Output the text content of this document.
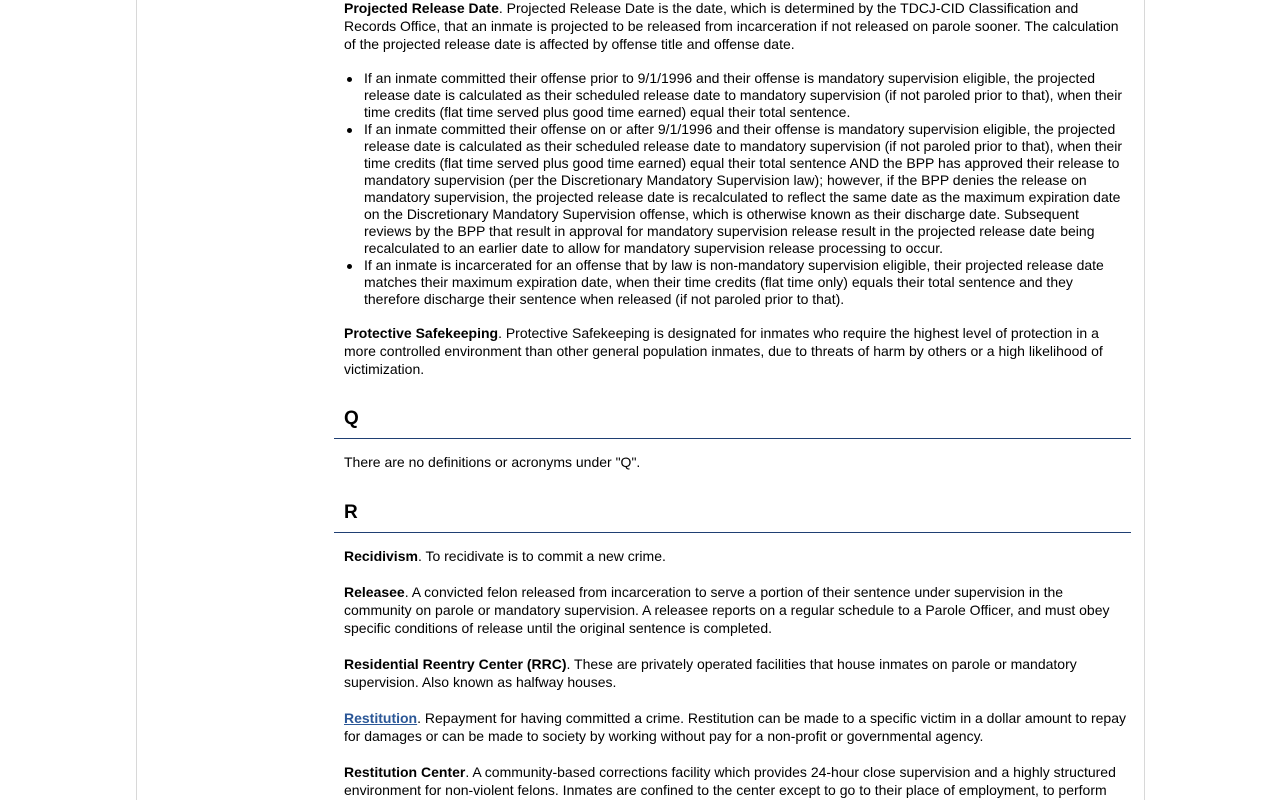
Projected Release Date. Projected Release Date is the date, which is determined by the TDCJ-CID Classification and Records Office, that an inmate is projected to be released from incarceration if not released on parole sooner. The calculation of the projected release date is affected by offense title and offense date.

If an inmate committed their offense prior to 9/1/1996 and their offense is mandatory supervision eligible, the projected release date is calculated as their scheduled release date to mandatory supervision (if not paroled prior to that), when their time credits (flat time served plus good time earned) equal their total sentence.
If an inmate committed their offense on or after 9/1/1996 and their offense is mandatory supervision eligible, the projected release date is calculated as their scheduled release date to mandatory supervision (if not paroled prior to that), when their time credits (flat time served plus good time earned) equal their total sentence AND the BPP has approved their release to mandatory supervision (per the Discretionary Mandatory Supervision law); however, if the BPP denies the release on mandatory supervision, the projected release date is recalculated to reflect the same date as the maximum expiration date on the Discretionary Mandatory Supervision offense, which is otherwise known as their discharge date. Subsequent reviews by the BPP that result in approval for mandatory supervision release result in the projected release date being recalculated to an earlier date to allow for mandatory supervision release processing to occur.
If an inmate is incarcerated for an offense that by law is non-mandatory supervision eligible, their projected release date matches their maximum expiration date, when their time credits (flat time only) equals their total sentence and they therefore discharge their sentence when released (if not paroled prior to that).

Protective Safekeeping. Protective Safekeeping is designated for inmates who require the highest level of protection in a more controlled environment than other general population inmates, due to threats of harm by others or a high likelihood of victimization.

Q

There are no definitions or acronyms under "Q".

R

Recidivism. To recidivate is to commit a new crime.

Releasee. A convicted felon released from incarceration to serve a portion of their sentence under supervision in the community on parole or mandatory supervision. A releasee reports on a regular schedule to a Parole Officer, and must obey specific conditions of release until the original sentence is completed.

Residential Reentry Center (RRC). These are privately operated facilities that house inmates on parole or mandatory supervision. Also known as halfway houses.

Restitution. Repayment for having committed a crime. Restitution can be made to a specific victim in a dollar amount to repay for damages or can be made to society by working without pay for a non-profit or governmental agency.

Restitution Center. A community-based corrections facility which provides 24-hour close supervision and a highly structured environment for non-violent felons. Inmates are confined to the center except to go to their place of employment, to perform
